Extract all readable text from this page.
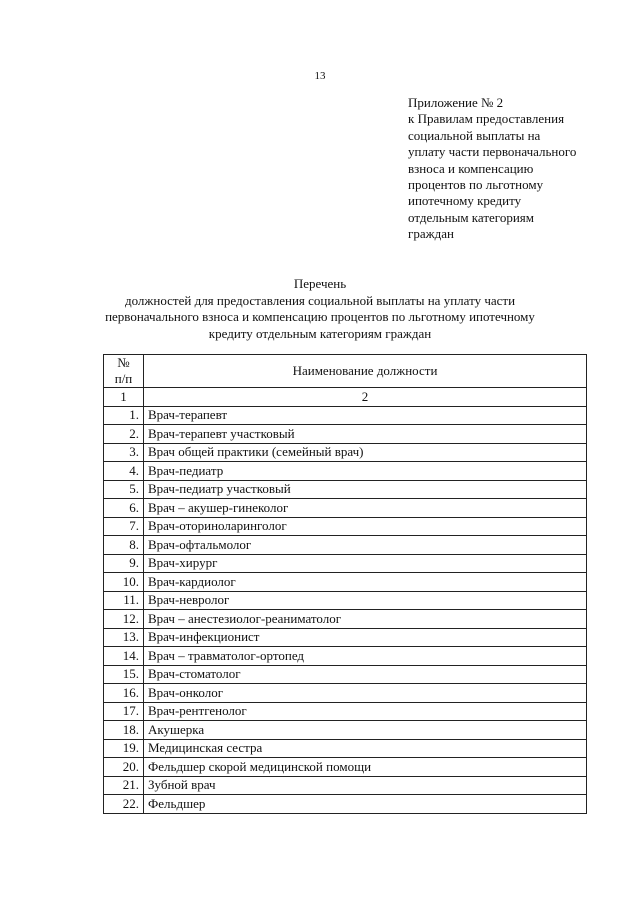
13
Приложение № 2
к Правилам предоставления
социальной выплаты на
уплату части первоначального
взноса и компенсацию
процентов по льготному
ипотечному кредиту
отдельным категориям
граждан
Перечень
должностей для предоставления социальной выплаты на уплату части
первоначального взноса и компенсацию процентов по льготному ипотечному
кредиту отдельным категориям граждан
№
п/п	Наименование должности
1	2
1.	Врач-терапевт
2.	Врач-терапевт участковый
3.	Врач общей практики (семейный врач)
4.	Врач-педиатр
5.	Врач-педиатр участковый
6.	Врач – акушер-гинеколог
7.	Врач-оториноларинголог
8.	Врач-офтальмолог
9.	Врач-хирург
10.	Врач-кардиолог
11.	Врач-невролог
12.	Врач – анестезиолог-реаниматолог
13.	Врач-инфекционист
14.	Врач – травматолог-ортопед
15.	Врач-стоматолог
16.	Врач-онколог
17.	Врач-рентгенолог
18.	Акушерка
19.	Медицинская сестра
20.	Фельдшер скорой медицинской помощи
21.	Зубной врач
22.	Фельдшер
